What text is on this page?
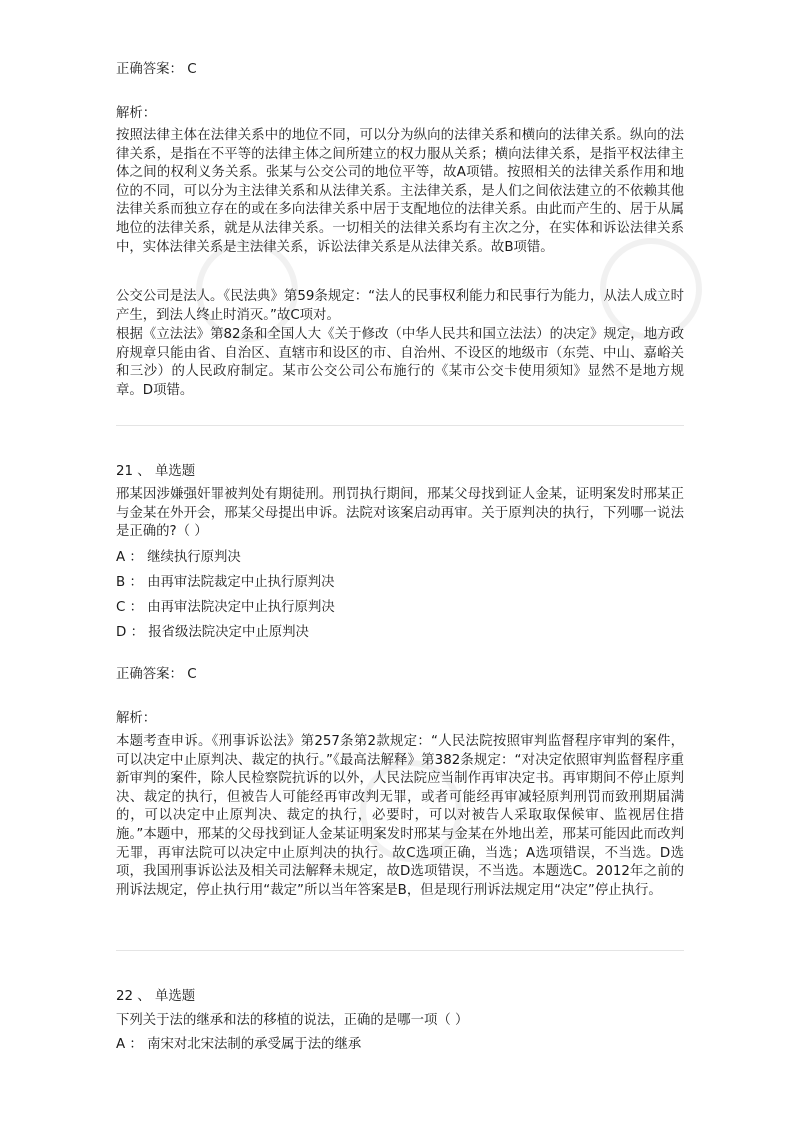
正确答案： C
解析：
按照法律主体在法律关系中的地位不同，可以分为纵向的法律关系和横向的法律关系。纵向的法律关系，是指在不平等的法律主体之间所建立的权力服从关系；横向法律关系，是指平权法律主体之间的权利义务关系。张某与公交公司的地位平等，故A项错。按照相关的法律关系作用和地位的不同，可以分为主法律关系和从法律关系。主法律关系，是人们之间依法建立的不依赖其他法律关系而独立存在的或在多向法律关系中居于支配地位的法律关系。由此而产生的、居于从属地位的法律关系，就是从法律关系。一切相关的法律关系均有主次之分，在实体和诉讼法律关系中，实体法律关系是主法律关系，诉讼法律关系是从法律关系。故B项错。
公交公司是法人。《民法典》第59条规定：“法人的民事权利能力和民事行为能力，从法人成立时产生，到法人终止时消灭。”故C项对。
根据《立法法》第82条和全国人大《关于修改（中华人民共和国立法法）的决定》规定，地方政府规章只能由省、自治区、直辖市和设区的市、自治州、不设区的地级市（东莞、中山、嘉峪关和三沙）的人民政府制定。某市公交公司公布施行的《某市公交卡使用须知》显然不是地方规章。D项错。
21 、 单选题
邢某因涉嫌强奸罪被判处有期徒刑。刑罚执行期间，邢某父母找到证人金某，证明案发时邢某正与金某在外开会，邢某父母提出申诉。法院对该案启动再审。关于原判决的执行，下列哪一说法是正确的?（ ）
A ： 继续执行原判决
B ： 由再审法院裁定中止执行原判决
C ： 由再审法院决定中止执行原判决
D ： 报省级法院决定中止原判决
正确答案： C
解析：
本题考查申诉。《刑事诉讼法》第257条第2款规定：“人民法院按照审判监督程序审判的案件，可以决定中止原判决、裁定的执行。”《最高法解释》第382条规定：“对决定依照审判监督程序重新审判的案件，除人民检察院抗诉的以外，人民法院应当制作再审决定书。再审期间不停止原判决、裁定的执行，但被告人可能经再审改判无罪，或者可能经再审减轻原判刑罚而致刑期届满的，可以决定中止原判决、裁定的执行，必要时，可以对被告人采取取保候审、监视居住措施。”本题中，邢某的父母找到证人金某证明案发时邢某与金某在外地出差，邢某可能因此而改判无罪，再审法院可以决定中止原判决的执行。故C选项正确，当选；A选项错误，不当选。D选项，我国刑事诉讼法及相关司法解释未规定，故D选项错误，不当选。本题选C。2012年之前的刑诉法规定，停止执行用“裁定”所以当年答案是B，但是现行刑诉法规定用“决定”停止执行。
22 、 单选题
下列关于法的继承和法的移植的说法，正确的是哪一项（ ）
A ： 南宋对北宋法制的承受属于法的继承
